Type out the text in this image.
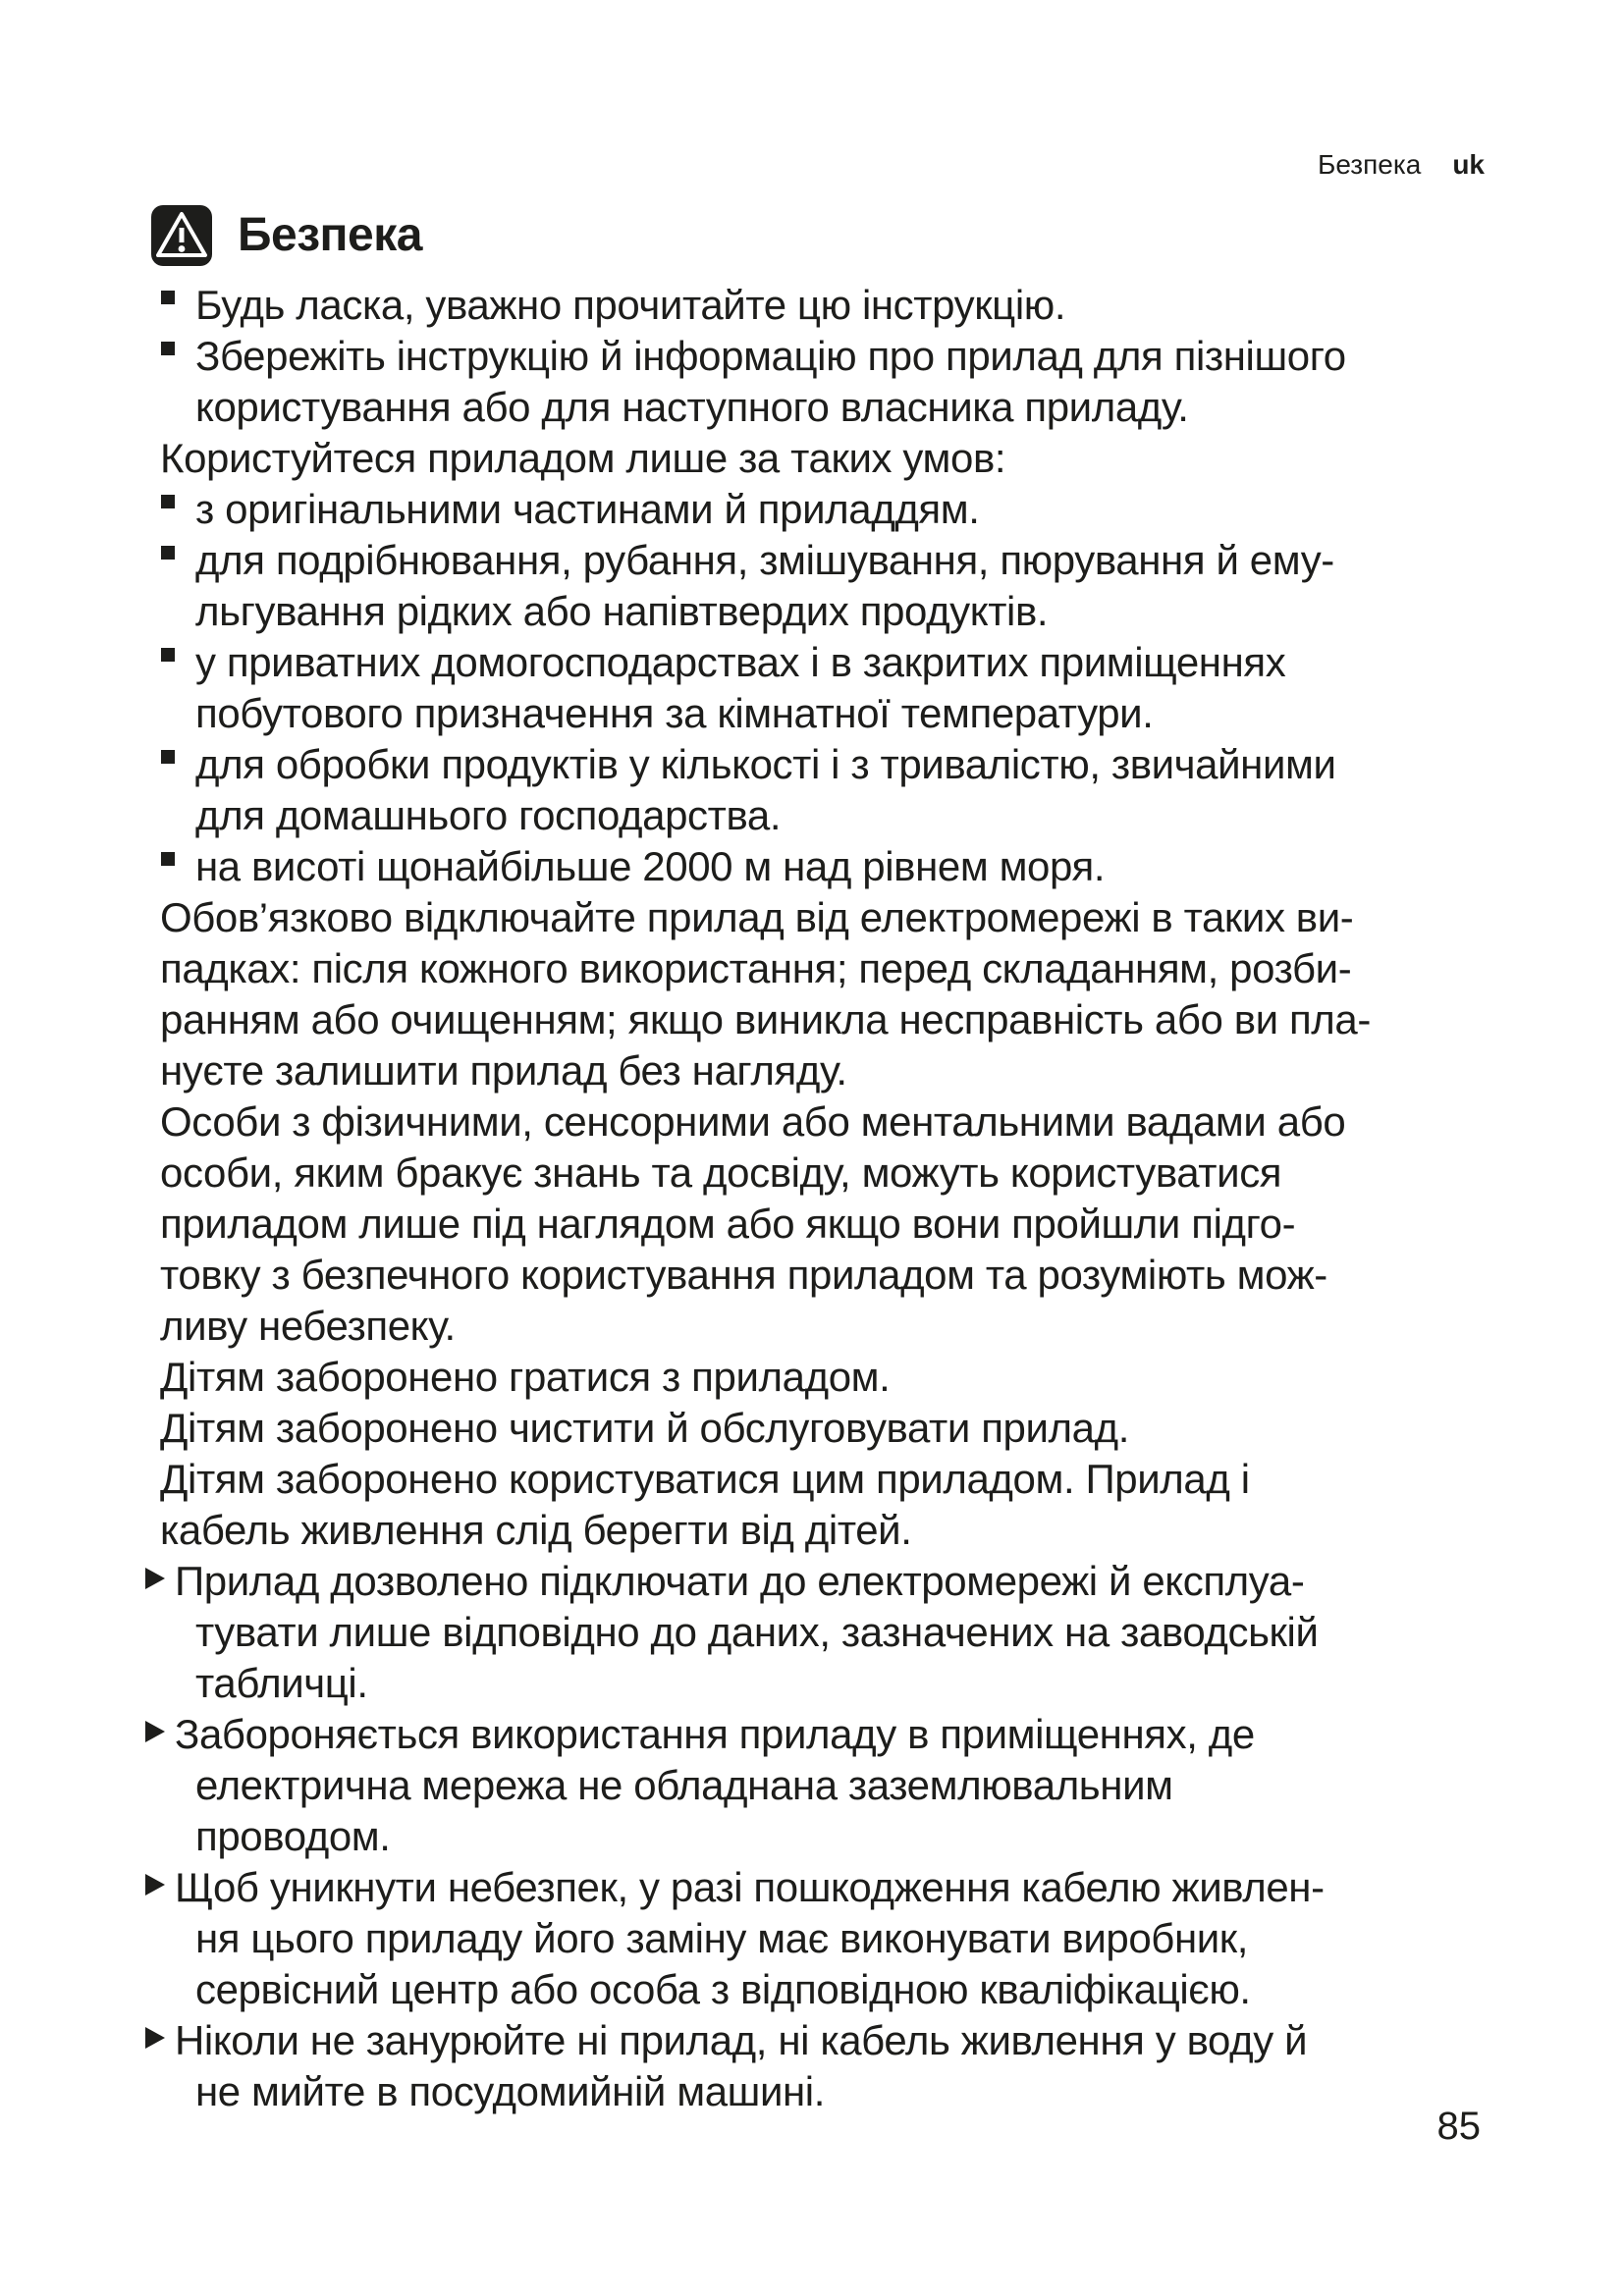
Безпека uk
Безпека
Будь ласка, уважно прочитайте цю інструкцію.
Збережіть інструкцію й інформацію про прилад для пізнішого
користування або для наступного власника приладу.
Користуйтеся приладом лише за таких умов:
з оригінальними частинами й приладдям.
для подрібнювання, рубання, змішування, пюрування й ему-
льгування рідких або напівтвердих продуктів.
у приватних домогосподарствах і в закритих приміщеннях
побутового призначення за кімнатної температури.
для обробки продуктів у кількості і з тривалістю, звичайними
для домашнього господарства.
на висоті щонайбільше 2000 м над рівнем моря.
Обов’язково відключайте прилад від електромережі в таких ви-
падках: після кожного використання; перед складанням, розби-
ранням або очищенням; якщо виникла несправність або ви пла-
нуєте залишити прилад без нагляду.
Особи з фізичними, сенсорними або ментальними вадами або
особи, яким бракує знань та досвіду, можуть користуватися
приладом лише під наглядом або якщо вони пройшли підго-
товку з безпечного користування приладом та розуміють мож-
ливу небезпеку.
Дітям заборонено гратися з приладом.
Дітям заборонено чистити й обслуговувати прилад.
Дітям заборонено користуватися цим приладом. Прилад і
кабель живлення слід берегти від дітей.
Прилад дозволено підключати до електромережі й експлуа-
тувати лише відповідно до даних, зазначених на заводській
табличці.
Забороняється використання приладу в приміщеннях, де
електрична мережа не обладнана заземлювальним
проводом.
Щоб уникнути небезпек, у разі пошкодження кабелю живлен-
ня цього приладу його заміну має виконувати виробник,
сервісний центр або особа з відповідною кваліфікацією.
Ніколи не занурюйте ні прилад, ні кабель живлення у воду й
не мийте в посудомийній машині.
85
